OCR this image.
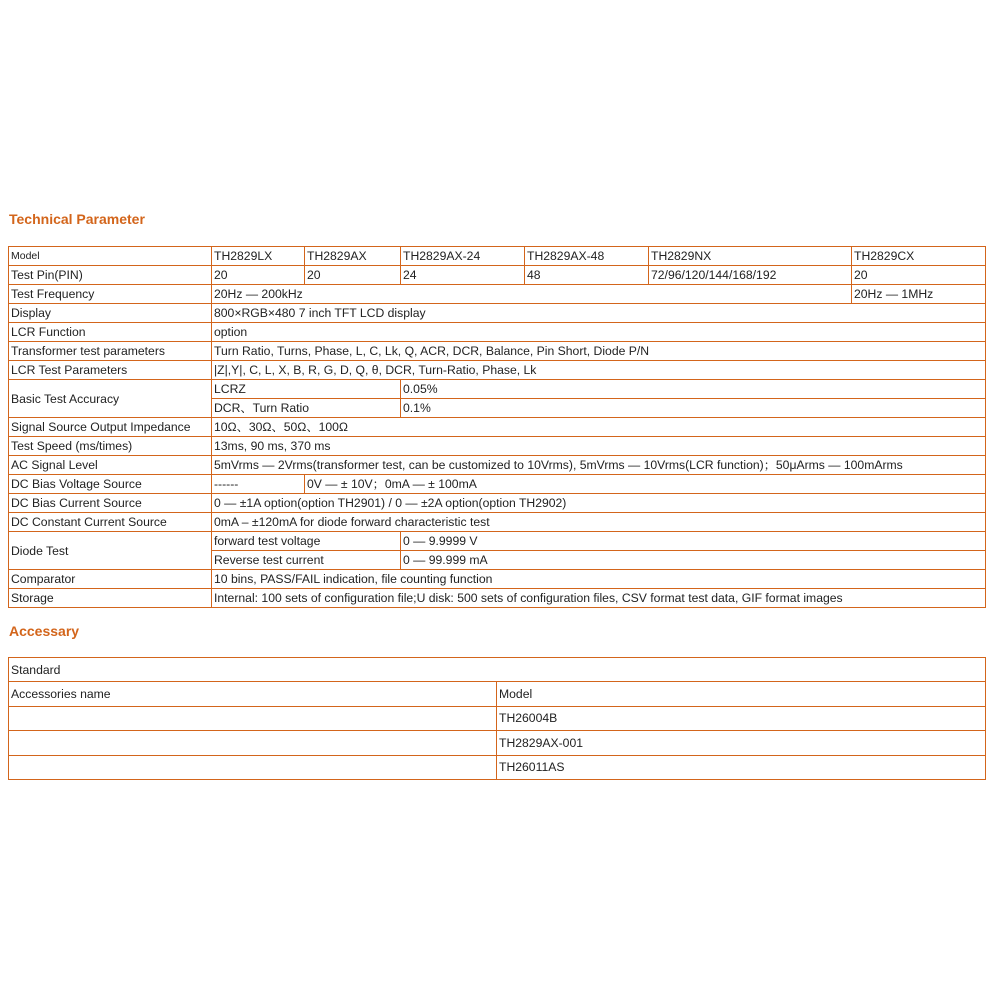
Technical Parameter
Model	TH2829LX	TH2829AX	TH2829AX-24	TH2829AX-48	TH2829NX	TH2829CX
Test Pin(PIN)	20	20	24	48	72/96/120/144/168/192	20
Test Frequency	20Hz — 200kHz					20Hz — 1MHz
Display	800×RGB×480 7 inch TFT LCD display					
LCR Function	option					
Transformer test parameters	Turn Ratio, Turns, Phase, L, C, Lk, Q, ACR, DCR, Balance, Pin Short, Diode P/N					
LCR Test Parameters	|Z|,Y|, C, L, X, B, R, G, D, Q, θ, DCR, Turn-Ratio, Phase, Lk					
Basic Test Accuracy	LCRZ		0.05%			
	DCR、Turn Ratio		0.1%			
Signal Source Output Impedance	10Ω、30Ω、50Ω、100Ω					
Test Speed (ms/times)	13ms, 90 ms, 370 ms					
AC Signal Level	5mVrms — 2Vrms(transformer test, can be customized to 10Vrms), 5mVrms — 10Vrms(LCR function)；50μArms — 100mArms					
DC Bias Voltage Source	------	0V — ± 10V；0mA — ± 100mA				
DC Bias Current Source	0 — ±1A option(option TH2901) / 0 — ±2A option(option TH2902)					
DC Constant Current Source	0mA – ±120mA for diode forward characteristic test					
Diode Test	forward test voltage		0 — 9.9999 V			
	Reverse test current		0 — 99.999 mA			
Comparator	10 bins, PASS/FAIL indication, file counting function					
Storage	Internal: 100 sets of configuration file;U disk: 500 sets of configuration files, CSV format test data, GIF format images					
Accessary
Standard	
Accessories name	Model
	TH26004B
	TH2829AX-001
	TH26011AS
